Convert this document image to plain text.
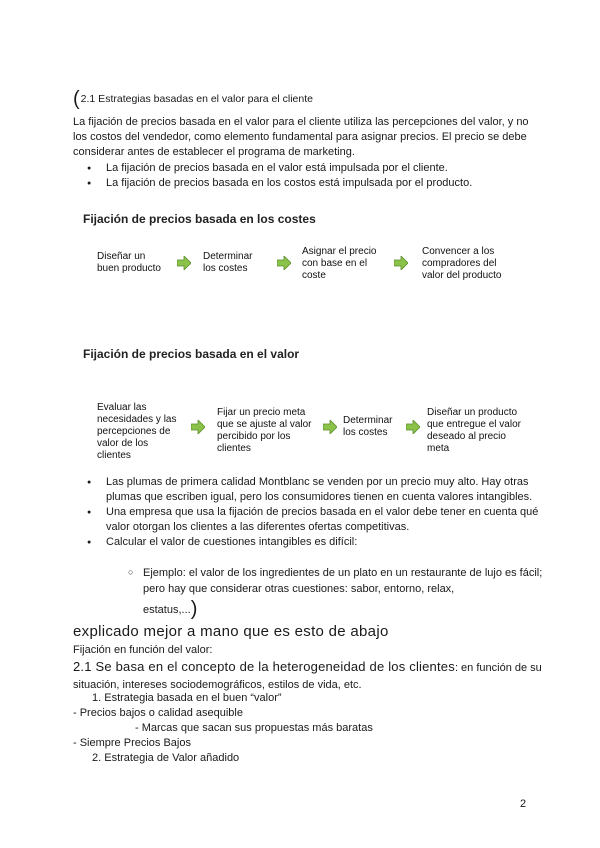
(2.1 Estrategias basadas en el valor para el cliente
La fijación de precios basada en el valor para el cliente utiliza las percepciones del valor, y no los costos del vendedor, como elemento fundamental para asignar precios. El precio se debe considerar antes de establecer el programa de marketing.
● La fijación de precios basada en el valor está impulsada por el cliente.
● La fijación de precios basada en los costos está impulsada por el producto.
Fijación de precios basada en los costes
Diseñar un buen producto
Determinar los costes
Asignar el precio con base en el coste
Convencer a los compradores del valor del producto
Fijación de precios basada en el valor
Evaluar las necesidades y las percepciones de valor de los clientes
Fijar un precio meta que se ajuste al valor percibido por los clientes
Determinar los costes
Diseñar un producto que entregue el valor deseado al precio meta
● Las plumas de primera calidad Montblanc se venden por un precio muy alto. Hay otras plumas que escriben igual, pero los consumidores tienen en cuenta valores intangibles.
● Una empresa que usa la fijación de precios basada en el valor debe tener en cuenta qué valor otorgan los clientes a las diferentes ofertas competitivas.
● Calcular el valor de cuestiones intangibles es difícil:
○ Ejemplo: el valor de los ingredientes de un plato en un restaurante de lujo es fácil; pero hay que considerar otras cuestiones: sabor, entorno, relax,
estatus,...)
explicado mejor a mano que es esto de abajo
Fijación en función del valor:
2.1 Se basa en el concepto de la heterogeneidad de los clientes: en función de su situación, intereses sociodemográficos, estilos de vida, etc.
1. Estrategia basada en el buen “valor”
- Precios bajos o calidad asequible
- Marcas que sacan sus propuestas más baratas
- Siempre Precios Bajos
2. Estrategia de Valor añadido
2
